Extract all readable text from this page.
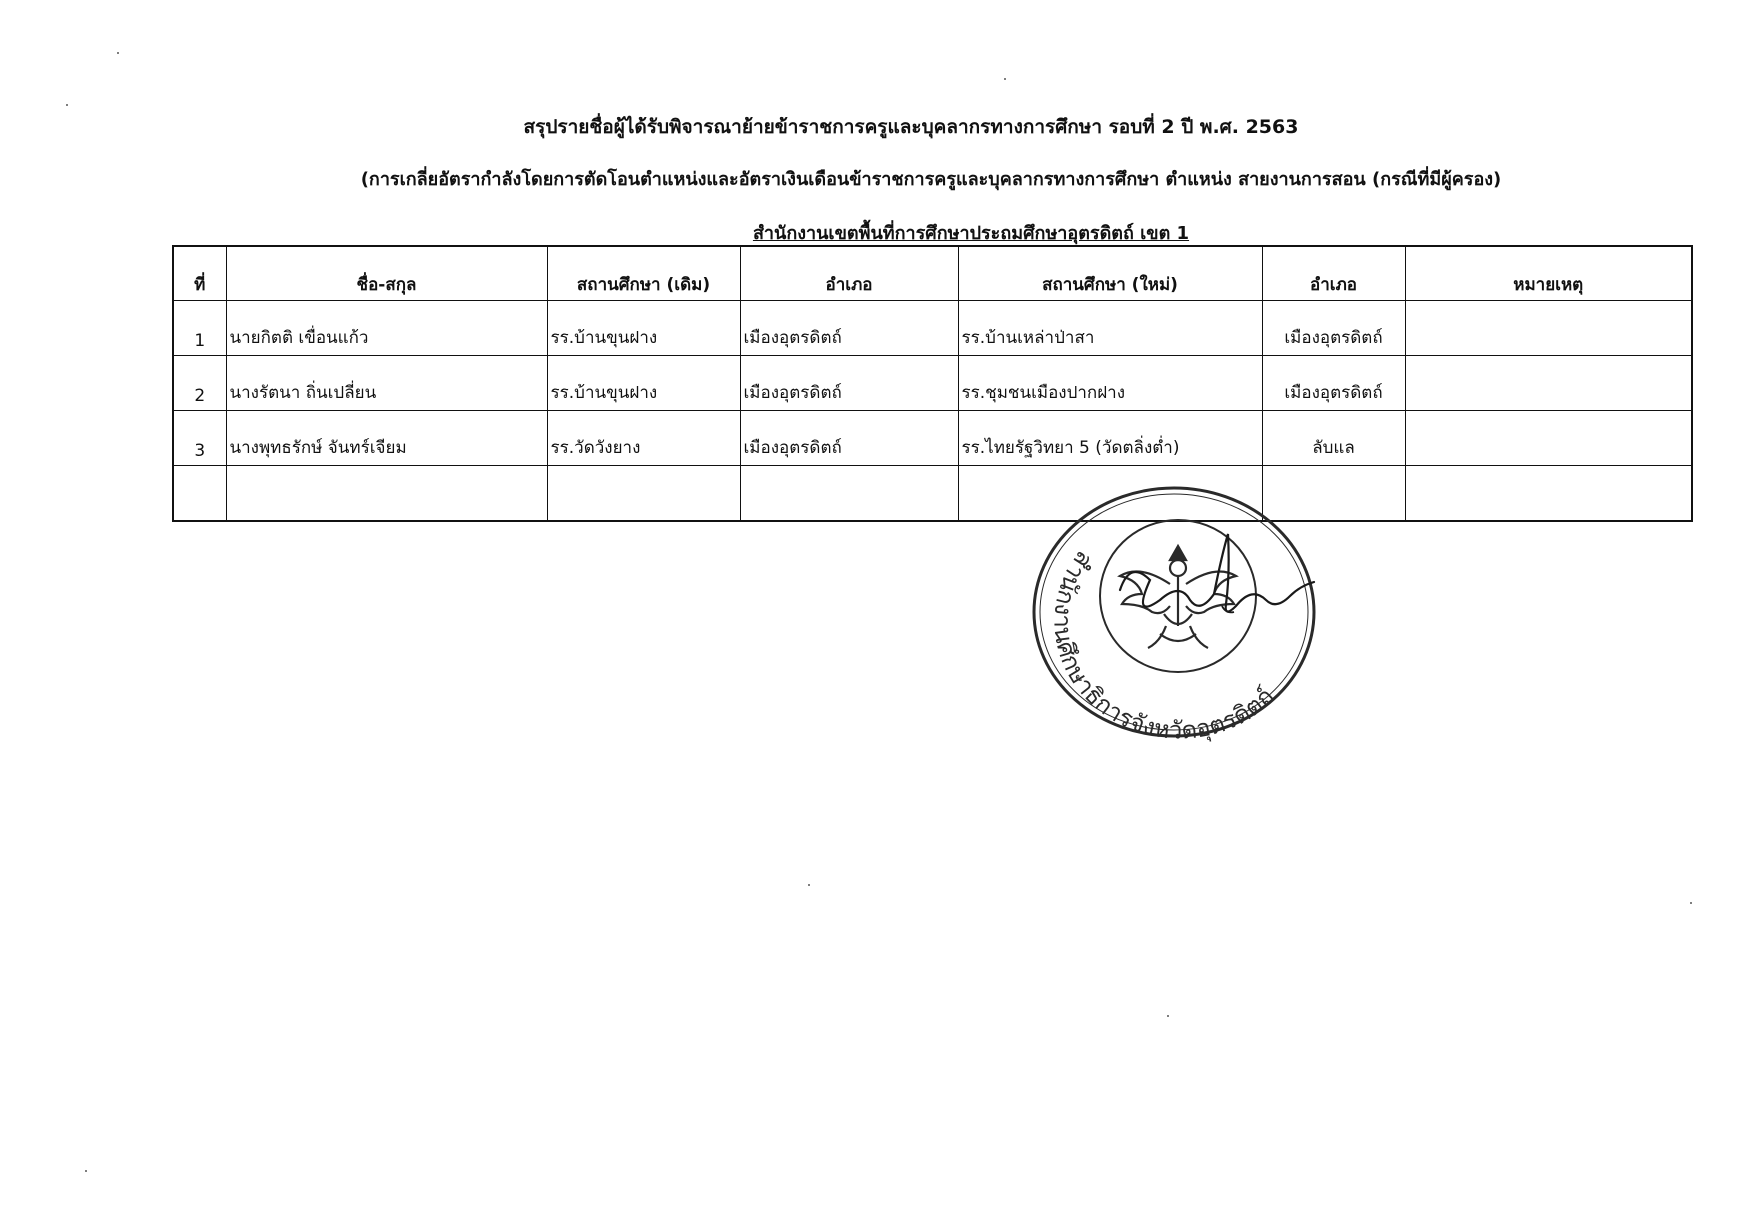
สรุปรายชื่อผู้ได้รับพิจารณาย้ายข้าราชการครูและบุคลากรทางการศึกษา รอบที่ 2 ปี พ.ศ. 2563
(การเกลี่ยอัตรากำลังโดยการตัดโอนตำแหน่งและอัตราเงินเดือนข้าราชการครูและบุคลากรทางการศึกษา ตำแหน่ง สายงานการสอน (กรณีที่มีผู้ครอง)
สำนักงานเขตพื้นที่การศึกษาประถมศึกษาอุตรดิตถ์ เขต 1
ที่	ชื่อ-สกุล	สถานศึกษา (เดิม)	อำเภอ	สถานศึกษา (ใหม่)	อำเภอ	หมายเหตุ
1	นายกิตติ เขื่อนแก้ว	รร.บ้านขุนฝาง	เมืองอุตรดิตถ์	รร.บ้านเหล่าป่าสา	เมืองอุตรดิตถ์	
2	นางรัตนา ถิ่นเปลี่ยน	รร.บ้านขุนฝาง	เมืองอุตรดิตถ์	รร.ชุมชนเมืองปากฝาง	เมืองอุตรดิตถ์	
3	นางพุทธรักษ์ จันทร์เจียม	รร.วัดวังยาง	เมืองอุตรดิตถ์	รร.ไทยรัฐวิทยา 5 (วัดตลิ่งต่ำ)	ลับแล	

สำนักงานศึกษาธิการจังหวัดอุตรดิตถ์
